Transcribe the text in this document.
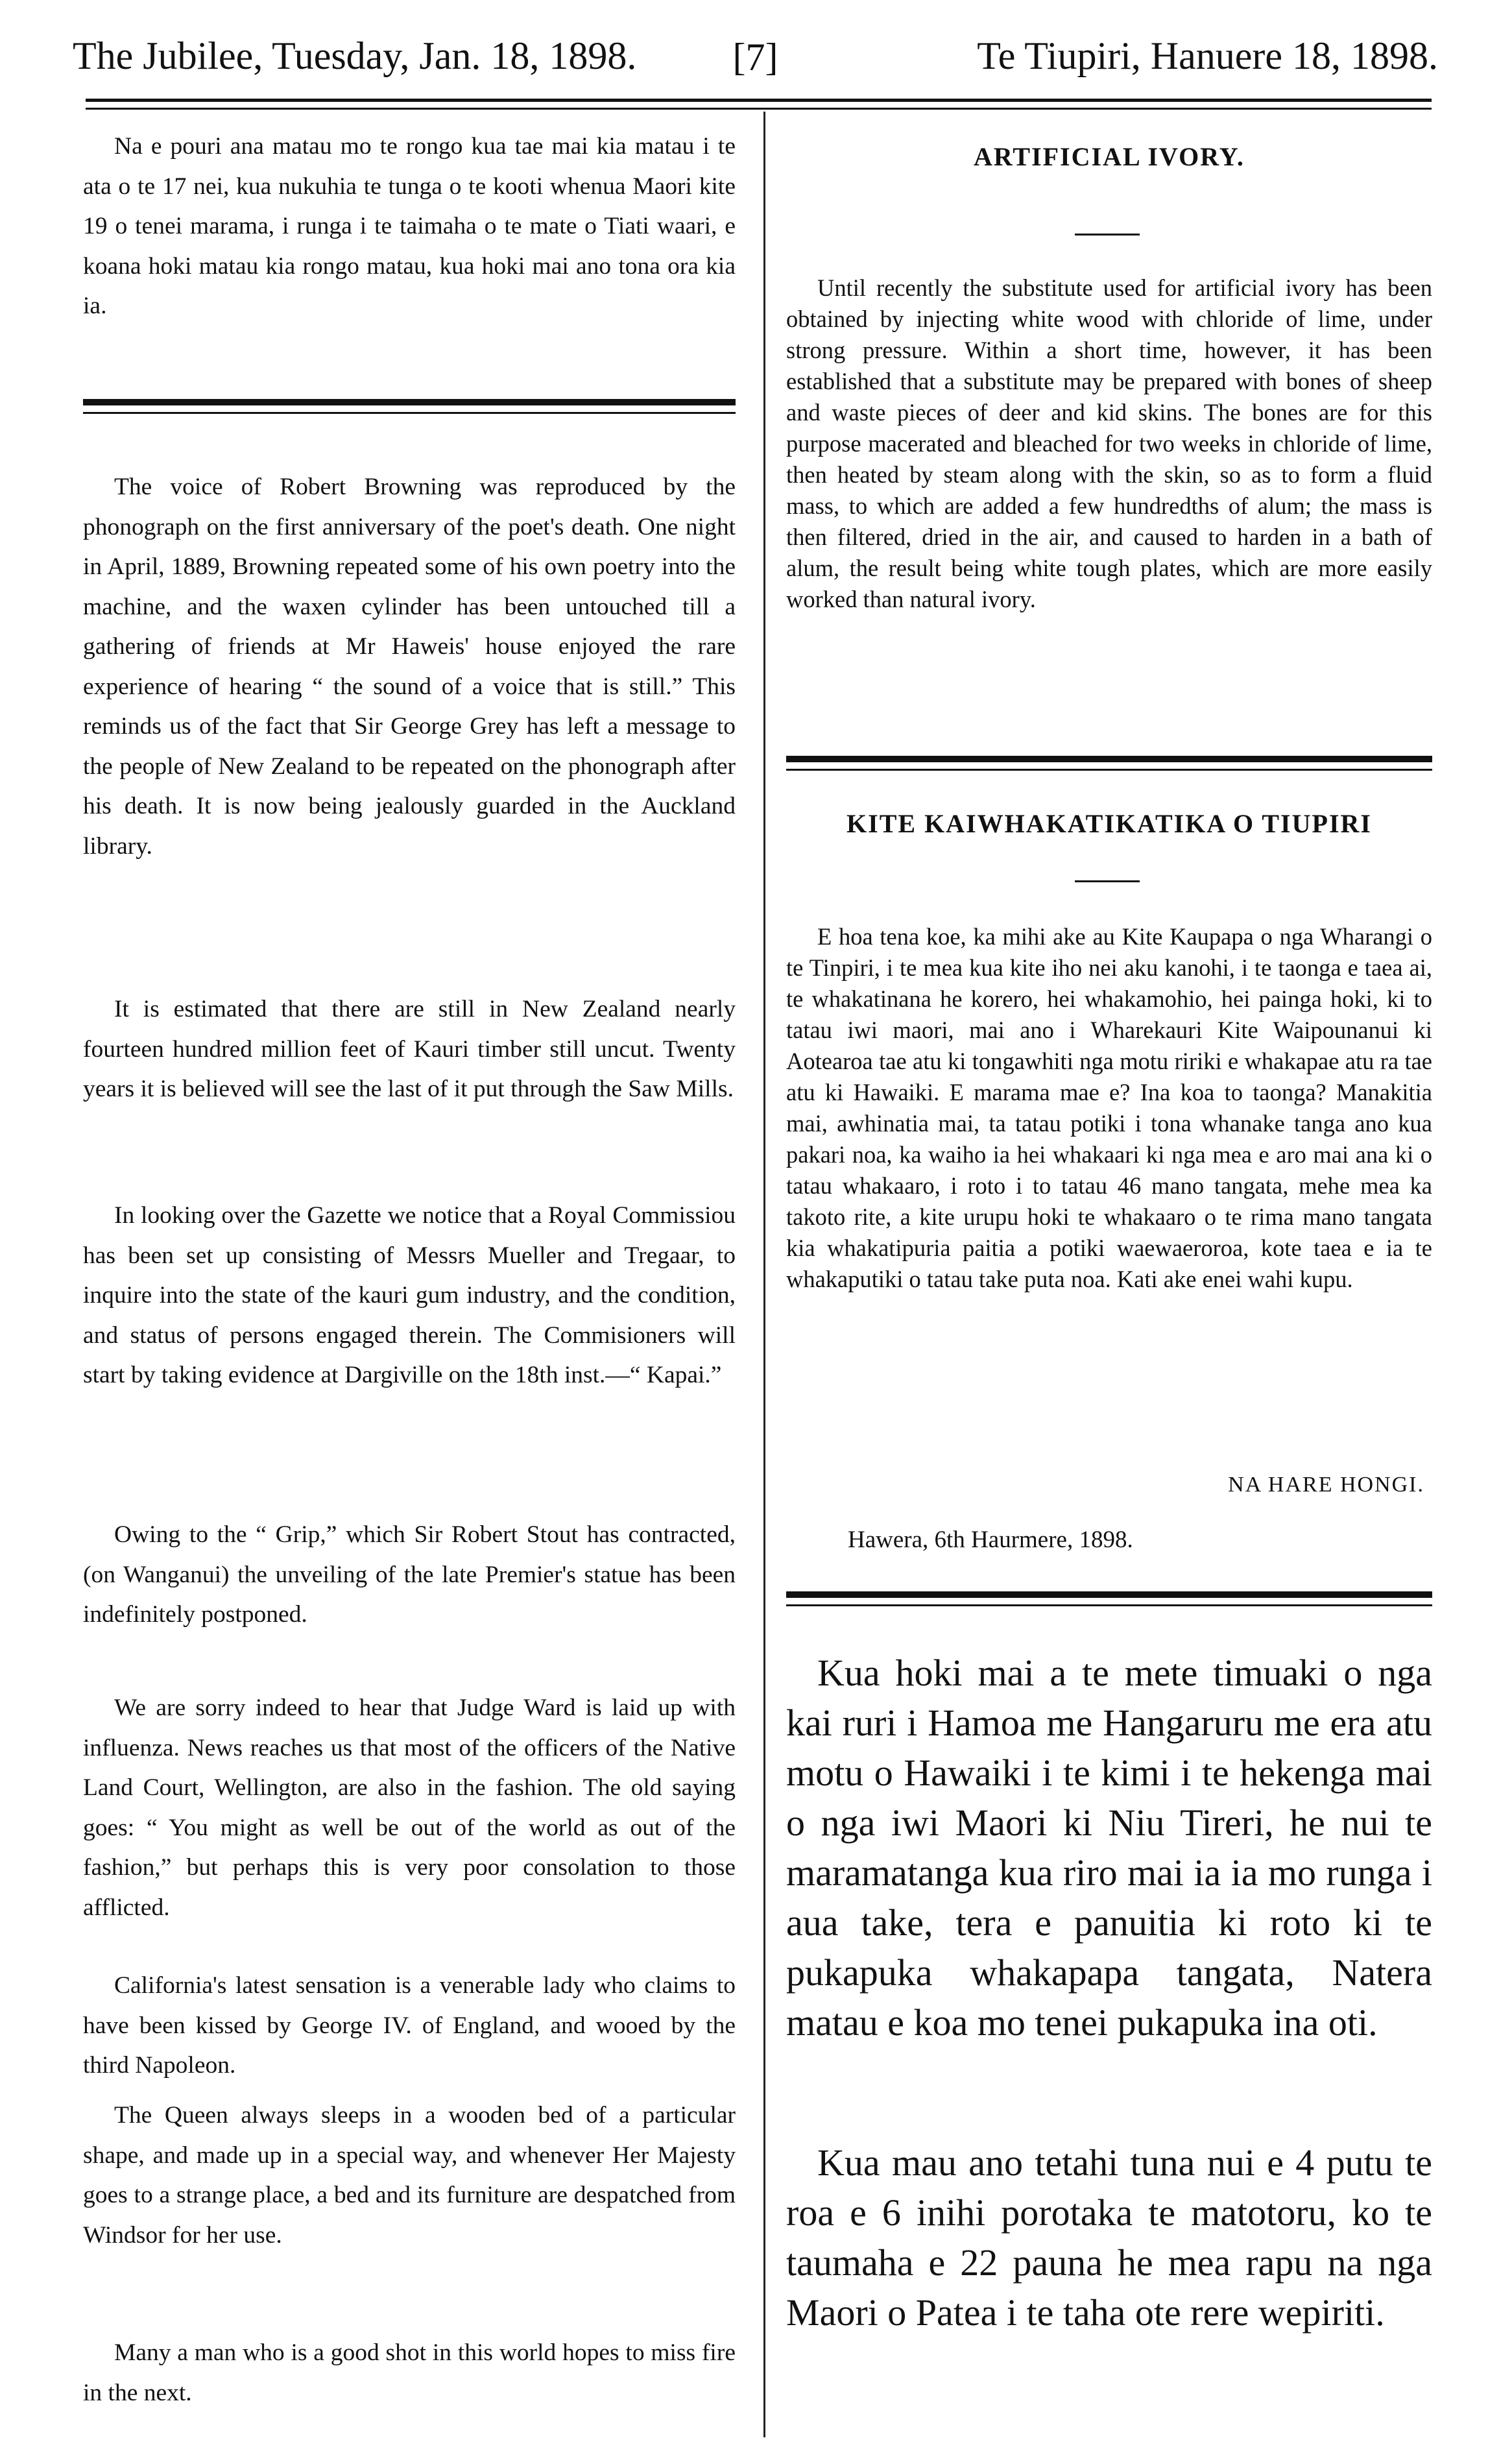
The Jubilee, Tuesday, Jan. 18, 1898. [7]	Te Tiupiri, Hanuere 18, 1898.

Na e pouri ana matau mo te rongo kua tae mai kia matau i te ata o te 17 nei, kua nukuhia te tunga o te kooti whenua Maori kite 19 o tenei marama, i runga i te taimaha o te mate o Tiati waari, e koana hoki matau kia rongo matau, kua hoki mai ano tona ora kia ia.

The voice of Robert Browning was reproduced by the phonograph on the first anniversary of the poet's death. One night in April, 1889, Browning repeated some of his own poetry into the machine, and the waxen cylinder has been untouched till a gathering of friends at Mr Haweis' house enjoyed the rare experience of hearing “ the sound of a voice that is still.” This reminds us of the fact that Sir George Grey has left a message to the people of New Zealand to be repeated on the phonograph after his death. It is now being jealously guarded in the Auckland library.

It is estimated that there are still in New Zealand nearly fourteen hundred million feet of Kauri timber still uncut. Twenty years it is believed will see the last of it put through the Saw Mills.

In looking over the Gazette we notice that a Royal Commissiou has been set up consisting of Messrs Mueller and Tregaar, to inquire into the state of the kauri gum industry, and the condition, and status of persons engaged therein. The Commisioners will start by taking evidence at Dargiville on the 18th inst.—“ Kapai.”

Owing to the “ Grip,” which Sir Robert Stout has contracted, (on Wanganui) the unveiling of the late Premier's statue has been indefinitely postponed.

We are sorry indeed to hear that Judge Ward is laid up with influenza. News reaches us that most of the officers of the Native Land Court, Wellington, are also in the fashion. The old saying goes: “ You might as well be out of the world as out of the fashion,” but perhaps this is very poor consolation to those afflicted.

California's latest sensation is a venerable lady who claims to have been kissed by George IV. of England, and wooed by the third Napoleon.

The Queen always sleeps in a wooden bed of a particular shape, and made up in a special way, and whenever Her Majesty goes to a strange place, a bed and its furniture are despatched from Windsor for her use.

Many a man who is a good shot in this world hopes to miss fire in the next.

ARTIFICIAL IVORY.

Until recently the substitute used for artificial ivory has been obtained by injecting white wood with chloride of lime, under strong pressure. Within a short time, however, it has been established that a substitute may be prepared with bones of sheep and waste pieces of deer and kid skins. The bones are for this purpose macerated and bleached for two weeks in chloride of lime, then heated by steam along with the skin, so as to form a fluid mass, to which are added a few hundredths of alum; the mass is then filtered, dried in the air, and caused to harden in a bath of alum, the result being white tough plates, which are more easily worked than natural ivory.

KITE KAIWHAKATIKATIKA O TIUPIRI

E hoa tena koe, ka mihi ake au Kite Kaupapa o nga Wharangi o te Tinpiri, i te mea kua kite iho nei aku kanohi, i te taonga e taea ai, te whakatinana he korero, hei whakamohio, hei painga hoki, ki to tatau iwi maori, mai ano i Wharekauri Kite Waipounanui ki Aotearoa tae atu ki tongawhiti nga motu ririki e whakapae atu ra tae atu ki Hawaiki. E marama mae e? Ina koa to taonga? Manakitia mai, awhinatia mai, ta tatau potiki i tona whanake tanga ano kua pakari noa, ka waiho ia hei whakaari ki nga mea e aro mai ana ki o tatau whakaaro, i roto i to tatau 46 mano tangata, mehe mea ka takoto rite, a kite urupu hoki te whakaaro o te rima mano tangata kia whakatipuria paitia a potiki waewaeroroa, kote taea e ia te whakaputiki o tatau take puta noa. Kati ake enei wahi kupu.

NA HARE HONGI.

Hawera, 6th Haurmere, 1898.

Kua hoki mai a te mete timuaki o nga kai ruri i Hamoa me Hangaruru me era atu motu o Hawaiki i te kimi i te hekenga mai o nga iwi Maori ki Niu Tireri, he nui te maramatanga kua riro mai ia ia mo runga i aua take, tera e panuitia ki roto ki te pukapuka whakapapa tangata, Natera matau e koa mo tenei pukapuka ina oti.

Kua mau ano tetahi tuna nui e 4 putu te roa e 6 inihi porotaka te matotoru, ko te taumaha e 22 pauna he mea rapu na nga Maori o Patea i te taha ote rere wepiriti.
